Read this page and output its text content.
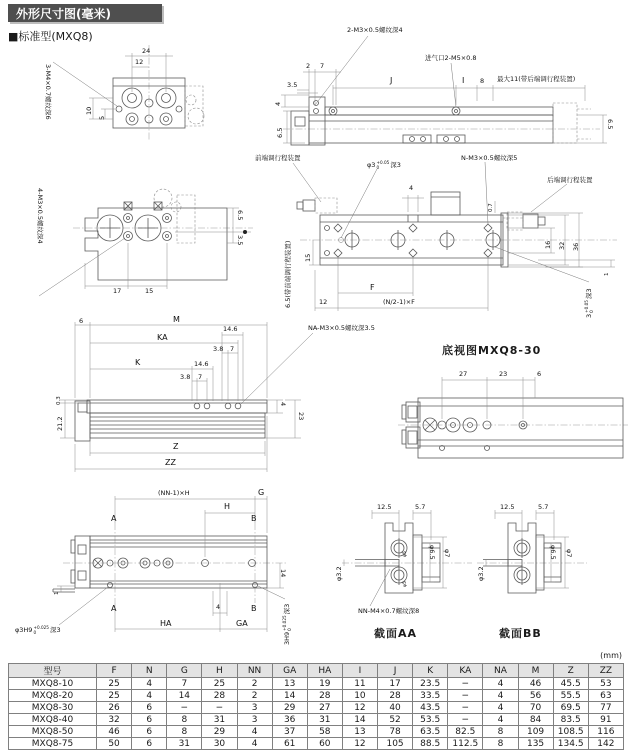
外形尺寸图(毫米)
■标准型(MXQ8)
24
12
10
5
3-M4×0.7螺纹深6
2-M3×0.5螺纹深4
进气口2-M5×0.8
最大11(带后端调行程装置)
2 7
3.5	J	I 8
4
6.5
6.5
17	15
6.5
3.5
4-M3×0.5螺纹深4
前端调行程装置
φ3 +0.05
0	深3
N-M3×0.5螺纹深5
后端调行程装置
6.5(带前端调行程装置)
4
0.7
15
16 32 36
1
F
(N/2-1)×F
12
3
+0.05 0
深3
6	M
14.6
KA
3.8 7
K	14.6
3.8 7
0.3
21.2
4
23
Z
ZZ
NA-M3×0.5螺纹深3.5
底视图MXQ8-30
27	23	6
(NN-1)×H	G
H
A	B
A	B
1
14
4
HA	GA
φ3H9 +0.025
0	深3
3H9
+0.025 0
深3
12.5	5.7
φ3.2
φ6.5 φ7
φ5
φ5
NN-M4×0.7螺纹深8
截面AA
12.5	5.7
φ3.2
φ6.5 φ7
截面BB
(mm)
型号	F	N	G	H	NN	GA	HA	I	J	K	KA	NA	M	Z	ZZ
MXQ8-10	25	4	7	25	2	13	19	11	17	23.5	−	4	46	45.5	53
MXQ8-20	25	4	14	28	2	14	28	10	28	33.5	−	4	56	55.5	63
MXQ8-30	26	6	−	−	3	29	27	12	40	43.5	−	4	70	69.5	77
MXQ8-40	32	6	8	31	3	36	31	14	52	53.5	−	4	84	83.5	91
MXQ8-50	46	6	8	29	4	37	58	13	78	63.5	82.5	8	109	108.5	116
MXQ8-75	50	6	31	30	4	61	60	12	105	88.5	112.5	8	135	134.5	142
